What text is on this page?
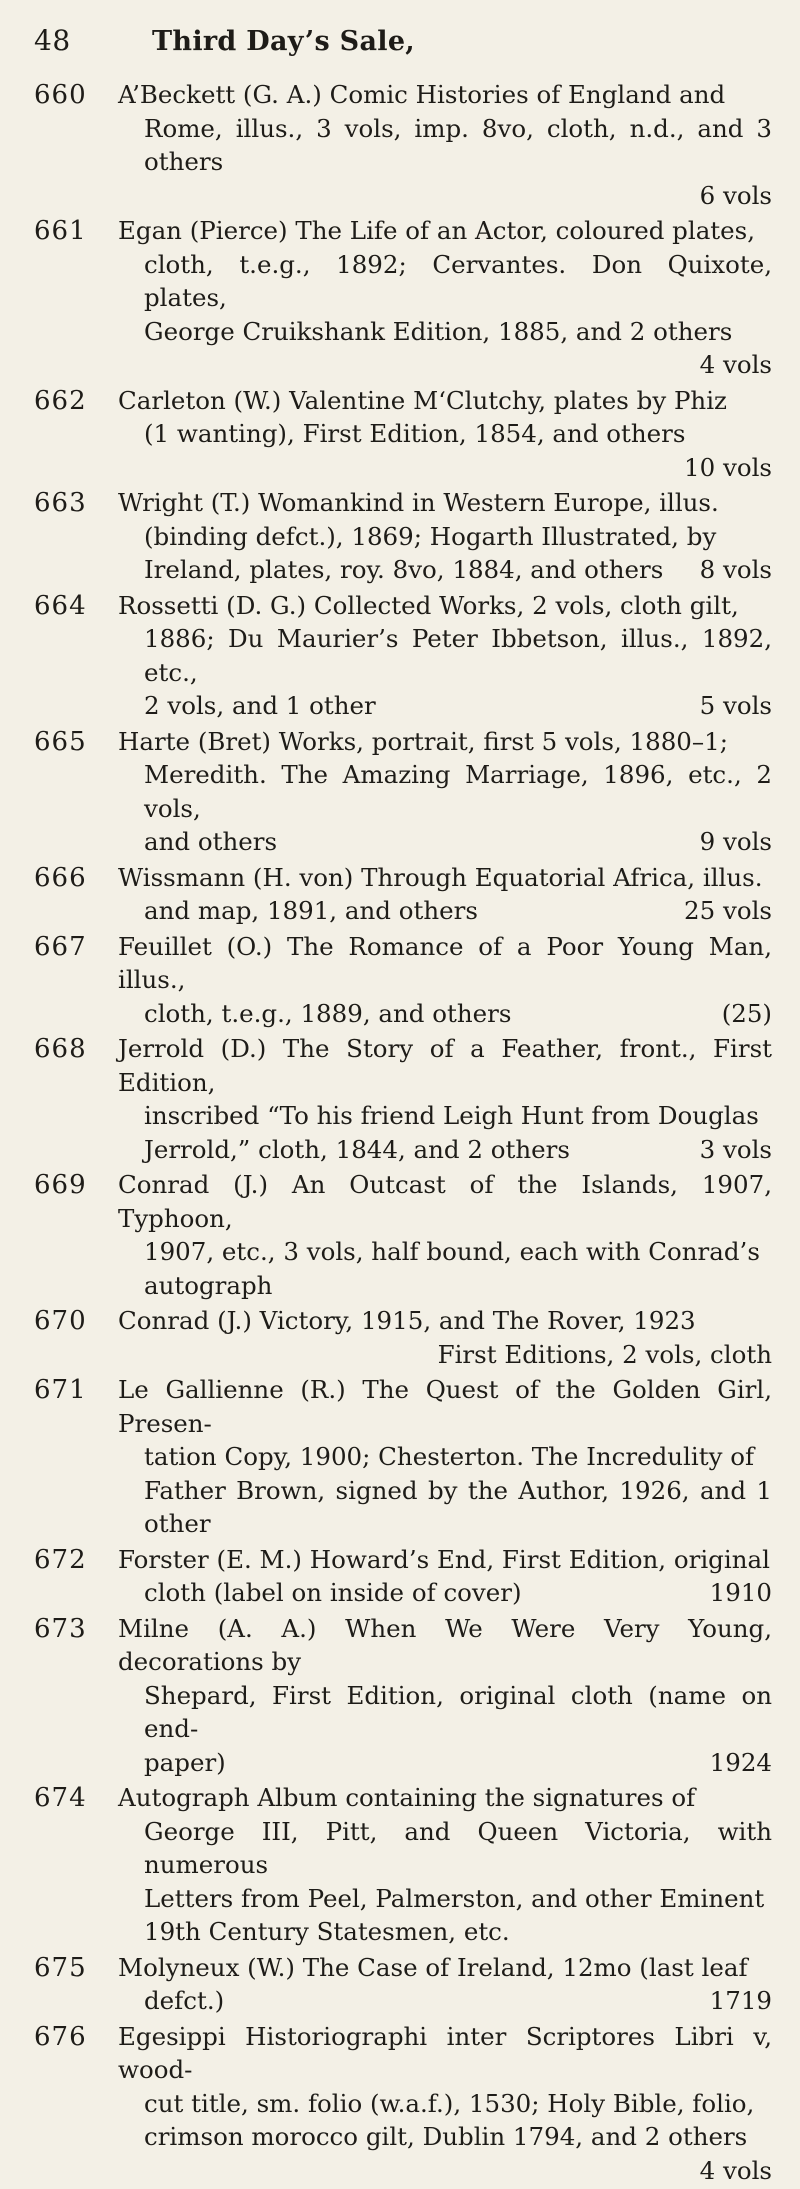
48	Third Day’s Sale,
660 A’Beckett (G. A.) Comic Histories of England and
Rome, illus., 3 vols, imp. 8vo, cloth, n.d., and 3 others
6 vols
661 Egan (Pierce) The Life of an Actor, coloured plates,
cloth, t.e.g., 1892; Cervantes. Don Quixote, plates,
George Cruikshank Edition, 1885, and 2 others
4 vols
662 Carleton (W.) Valentine M‘Clutchy, plates by Phiz
(1 wanting), First Edition, 1854, and others
10 vols
663 Wright (T.) Womankind in Western Europe, illus.
(binding defct.), 1869; Hogarth Illustrated, by
8 vols
Ireland, plates, roy. 8vo, 1884, and others
664 Rossetti (D. G.) Collected Works, 2 vols, cloth gilt,
1886; Du Maurier’s Peter Ibbetson, illus., 1892, etc.,
5 vols
2 vols, and 1 other
665 Harte (Bret) Works, portrait, first 5 vols, 1880–1;
Meredith. The Amazing Marriage, 1896, etc., 2 vols,
9 vols
and others
666 Wissmann (H. von) Through Equatorial Africa, illus.
25 vols
and map, 1891, and others
667 Feuillet (O.) The Romance of a Poor Young Man, illus.,
(25)
cloth, t.e.g., 1889, and others
668 Jerrold (D.) The Story of a Feather, front., First Edition,
inscribed “To his friend Leigh Hunt from Douglas
3 vols
Jerrold,” cloth, 1844, and 2 others
669 Conrad (J.) An Outcast of the Islands, 1907, Typhoon,
1907, etc., 3 vols, half bound, each with Conrad’s
autograph
670 Conrad (J.) Victory, 1915, and The Rover, 1923
First Editions, 2 vols, cloth
671 Le Gallienne (R.) The Quest of the Golden Girl, Presen-
tation Copy, 1900; Chesterton. The Incredulity of
Father Brown, signed by the Author, 1926, and 1 other
672 Forster (E. M.) Howard’s End, First Edition, original
1910
cloth (label on inside of cover)
673 Milne (A. A.) When We Were Very Young, decorations by
Shepard, First Edition, original cloth (name on end-
1924
paper)
674 Autograph Album containing the signatures of
George III, Pitt, and Queen Victoria, with numerous
Letters from Peel, Palmerston, and other Eminent
19th Century Statesmen, etc.
675 Molyneux (W.) The Case of Ireland, 12mo (last leaf
1719
defct.)
676 Egesippi Historiographi inter Scriptores Libri v, wood-
cut title, sm. folio (w.a.f.), 1530; Holy Bible, folio,
crimson morocco gilt, Dublin 1794, and 2 others
4 vols
